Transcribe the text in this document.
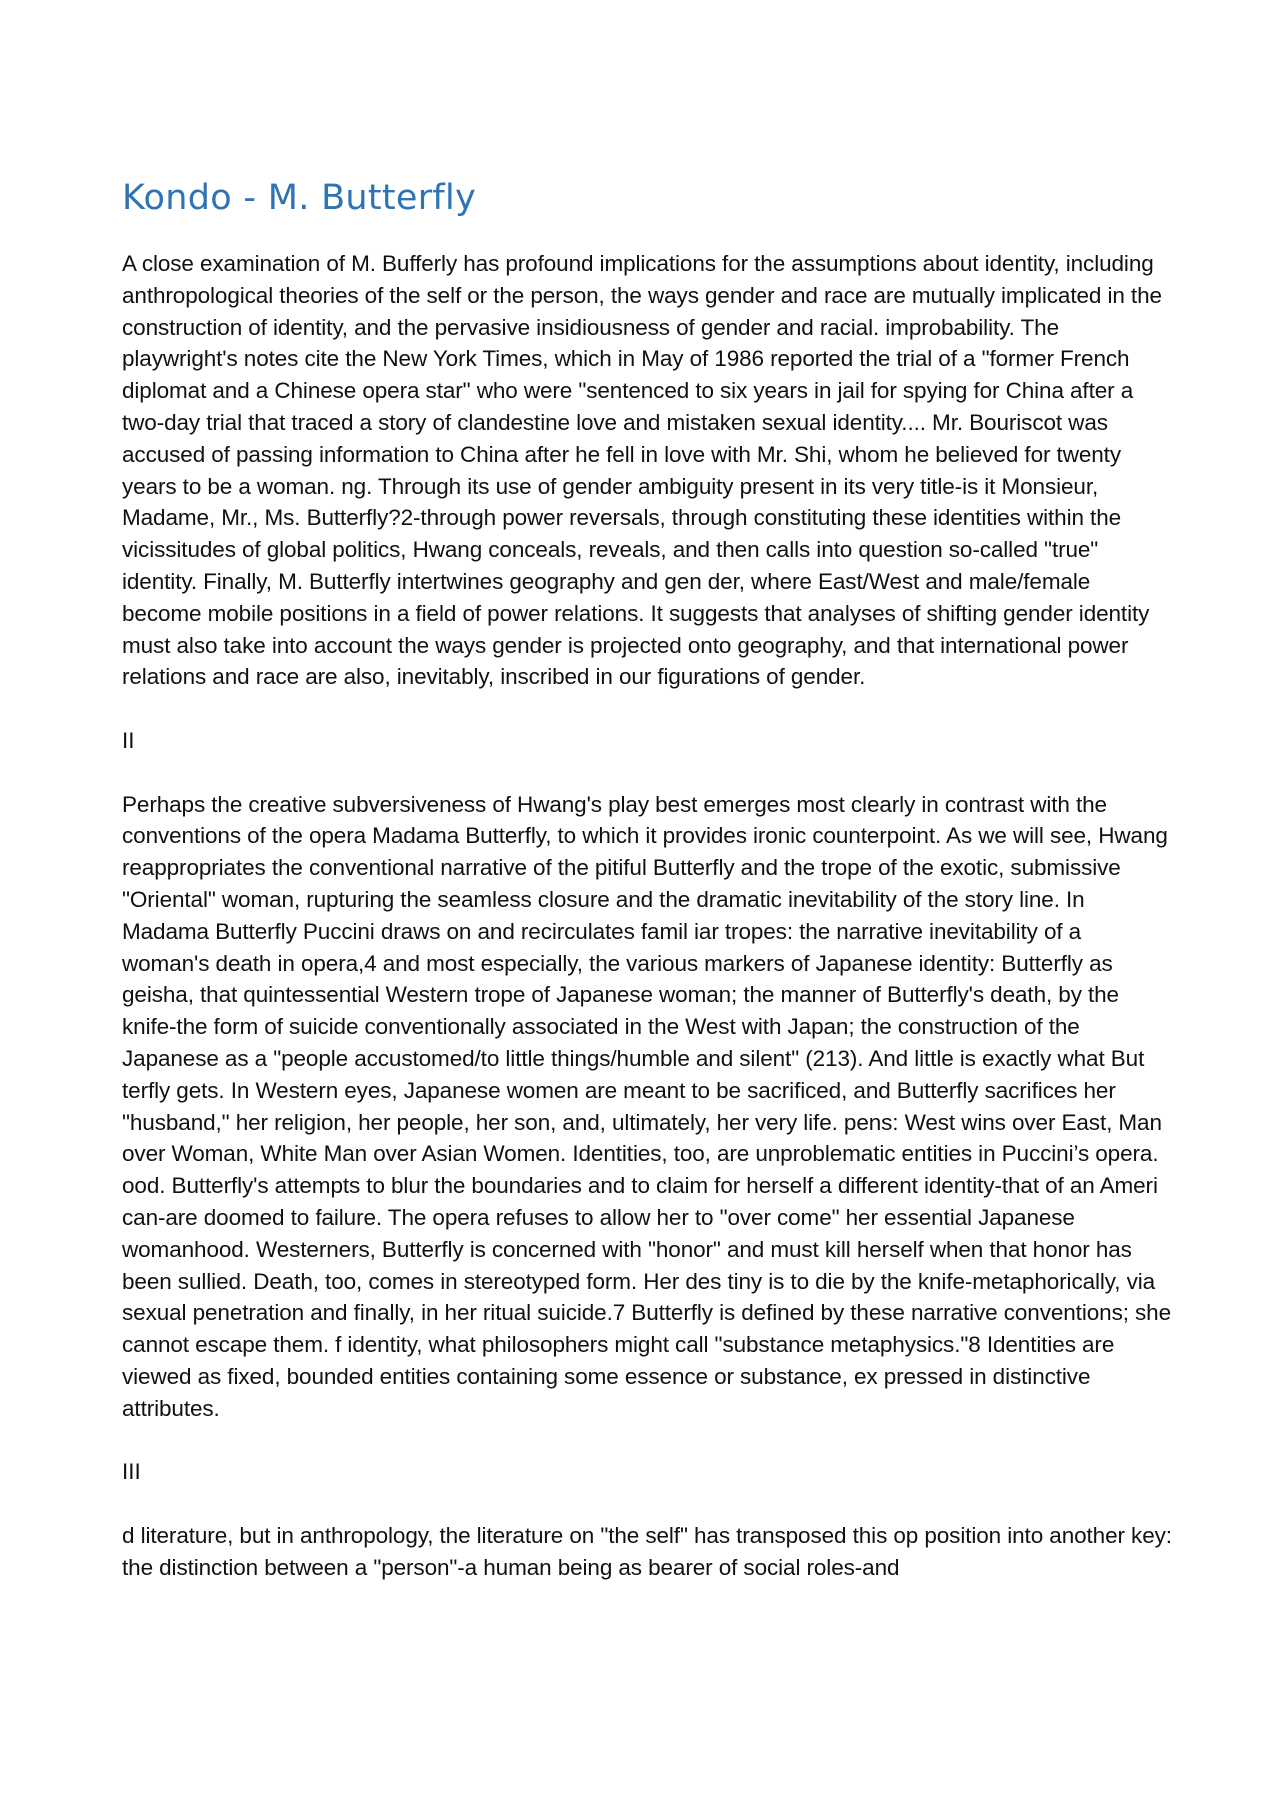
Kondo - M. Butterfly

A close examination of M. Bufferly has profound implications for the assumptions about identity, including anthropological theories of the self or the person, the ways gender and race are mutually implicated in the construction of identity, and the pervasive insidiousness of gender and racial. improbability. The playwright's notes cite the New York Times, which in May of 1986 reported the trial of a "former French diplomat and a Chinese opera star" who were "sentenced to six years in jail for spying for China after a two-day trial that traced a story of clandestine love and mistaken sexual identity.... Mr. Bouriscot was accused of passing information to China after he fell in love with Mr. Shi, whom he believed for twenty years to be a woman. ng. Through its use of gender ambiguity present in its very title-is it Monsieur, Madame, Mr., Ms. Butterfly?2-through power reversals, through constituting these identities within the vicissitudes of global politics, Hwang conceals, reveals, and then calls into question so-called "true" identity. Finally, M. Butterfly intertwines geography and gen der, where East/West and male/female become mobile positions in a field of power relations. It suggests that analyses of shifting gender identity must also take into account the ways gender is projected onto geography, and that international power relations and race are also, inevitably, inscribed in our figurations of gender.

II

Perhaps the creative subversiveness of Hwang's play best emerges most clearly in contrast with the conventions of the opera Madama Butterfly, to which it provides ironic counterpoint. As we will see, Hwang reappropriates the conventional narrative of the pitiful Butterfly and the trope of the exotic, submissive "Oriental" woman, rupturing the seamless closure and the dramatic inevitability of the story line. In Madama Butterfly Puccini draws on and recirculates famil iar tropes: the narrative inevitability of a woman's death in opera,4 and most especially, the various markers of Japanese identity: Butterfly as geisha, that quintessential Western trope of Japanese woman; the manner of Butterfly's death, by the knife-the form of suicide conventionally associated in the West with Japan; the construction of the Japanese as a "people accustomed/to little things/humble and silent" (213). And little is exactly what But terfly gets. In Western eyes, Japanese women are meant to be sacrificed, and Butterfly sacrifices her "husband," her religion, her people, her son, and, ultimately, her very life. pens: West wins over East, Man over Woman, White Man over Asian Women. Identities, too, are unproblematic entities in Puccini’s opera. ood. Butterfly's attempts to blur the boundaries and to claim for herself a different identity-that of an Ameri can-are doomed to failure. The opera refuses to allow her to "over come" her essential Japanese womanhood. Westerners, Butterfly is concerned with "honor" and must kill herself when that honor has been sullied. Death, too, comes in stereotyped form. Her des tiny is to die by the knife-metaphorically, via sexual penetration and finally, in her ritual suicide.7 Butterfly is defined by these narrative conventions; she cannot escape them. f identity, what philosophers might call "substance metaphysics."8 Identities are viewed as fixed, bounded entities containing some essence or substance, ex pressed in distinctive attributes.

III

d literature, but in anthropology, the literature on "the self" has transposed this op position into another key: the distinction between a "person"-a human being as bearer of social roles-and
